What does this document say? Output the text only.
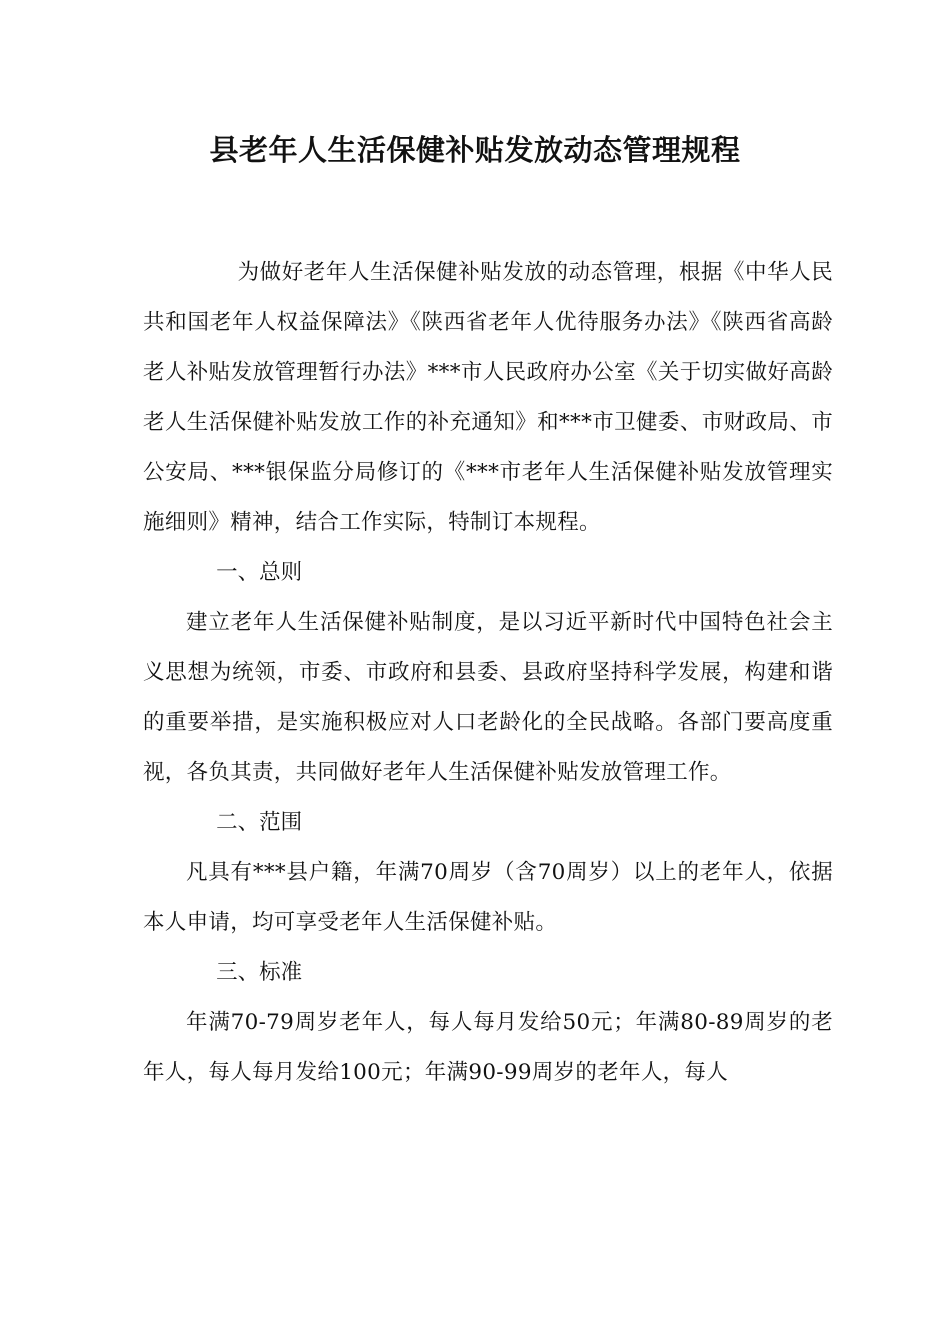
县老年人生活保健补贴发放动态管理规程

为做好老年人生活保健补贴发放的动态管理，根据《中华人民共和国老年人权益保障法》《陕西省老年人优待服务办法》《陕西省高龄老人补贴发放管理暂行办法》***市人民政府办公室《关于切实做好高龄老人生活保健补贴发放工作的补充通知》和***市卫健委、市财政局、市公安局、***银保监分局修订的《***市老年人生活保健补贴发放管理实施细则》精神，结合工作实际，特制订本规程。

一、总则

建立老年人生活保健补贴制度，是以习近平新时代中国特色社会主义思想为统领，市委、市政府和县委、县政府坚持科学发展，构建和谐的重要举措，是实施积极应对人口老龄化的全民战略。各部门要高度重视，各负其责，共同做好老年人生活保健补贴发放管理工作。

二、范围

凡具有***县户籍，年满70周岁（含70周岁）以上的老年人，依据本人申请，均可享受老年人生活保健补贴。

三、标准

年满70-79周岁老年人，每人每月发给50元；年满80-89周岁的老年人，每人每月发给100元；年满90-99周岁的老年人，每人
